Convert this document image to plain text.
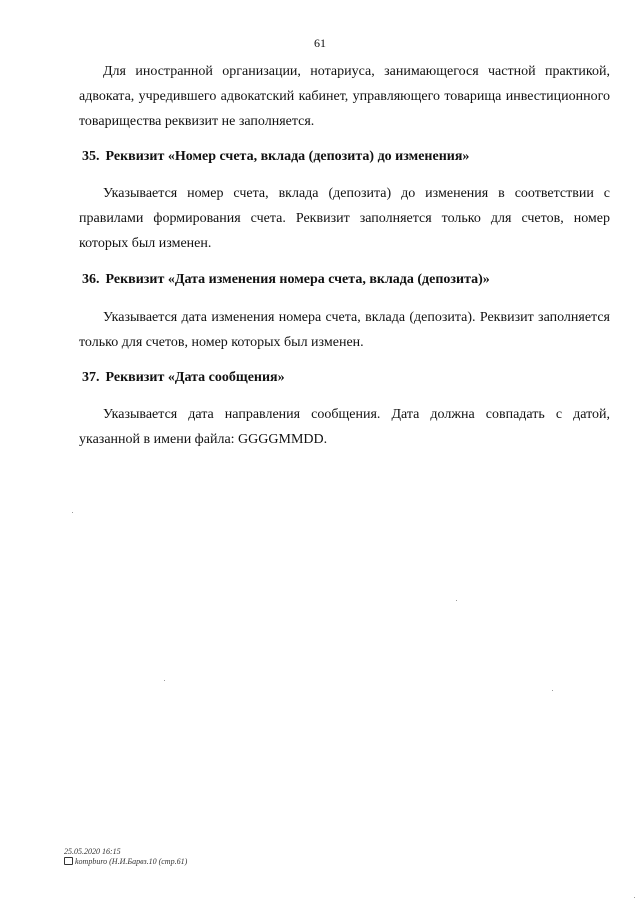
61

Для иностранной организации, нотариуса, занимающегося частной практикой, адвоката, учредившего адвокатский кабинет, управляющего товарища инвестиционного товарищества реквизит не заполняется.

35. Реквизит «Номер счета, вклада (депозита) до изменения»

Указывается номер счета, вклада (депозита) до изменения в соответствии с правилами формирования счета. Реквизит заполняется только для счетов, номер которых был изменен.

36. Реквизит «Дата изменения номера счета, вклада (депозита)»

Указывается дата изменения номера счета, вклада (депозита). Реквизит заполняется только для счетов, номер которых был изменен.

37. Реквизит «Дата сообщения»

Указывается дата направления сообщения. Дата должна совпадать с датой, указанной в имени файла: GGGGMMDD.

25.05.2020 16:15
kompburo (Н.И.Барвз.10 (стр.61)
